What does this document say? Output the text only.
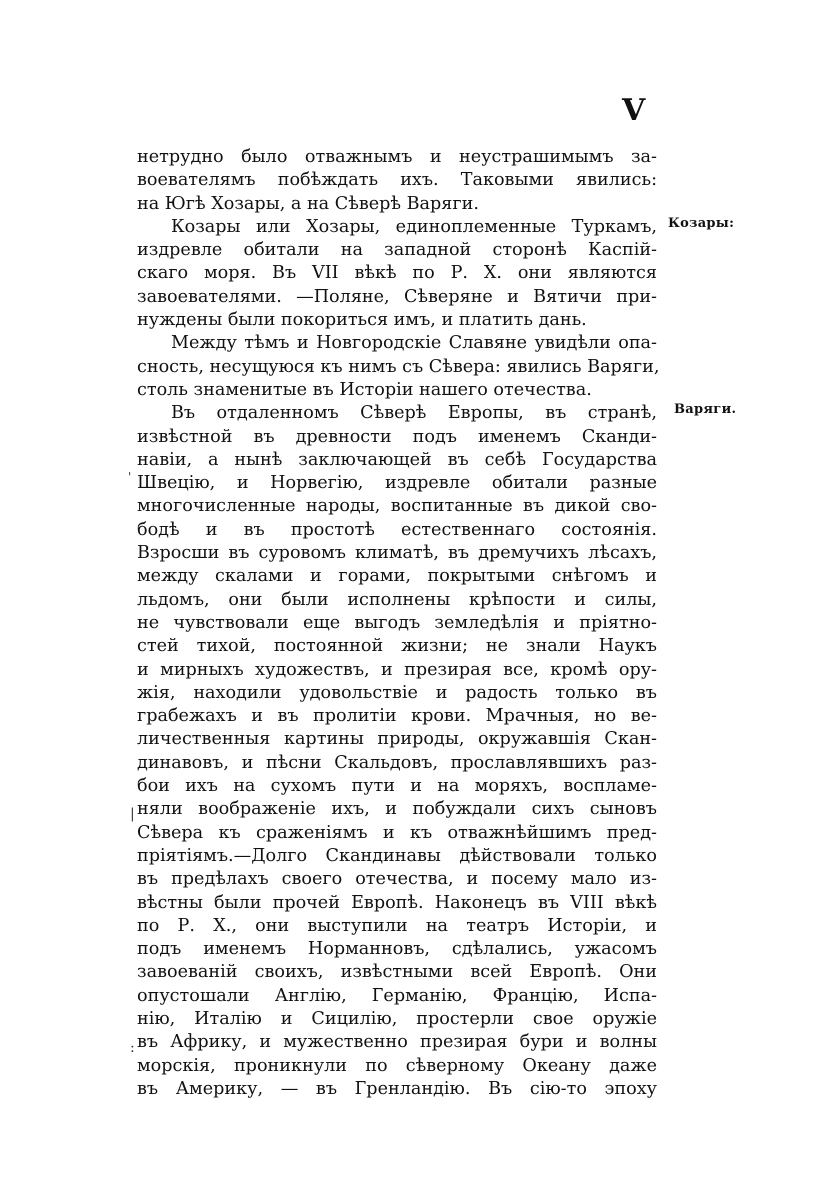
V
Козары:
Варяги.
'
|
:
нетрудно было отважнымъ и неустрашимымъ за-
воевателямъ побѣждать ихъ. Таковыми явились:
на Югѣ Хозары, а на Сѣверѣ Варяги.
Козары или Хозары, единоплеменные Туркамъ,
издревле обитали на западной сторонѣ Каспій-
скаго моря. Въ VII вѣкѣ по Р. Х. они являются
завоевателями. —Поляне, Сѣверяне и Вятичи при-
нуждены были покориться имъ, и платить дань.
Между тѣмъ и Новгородскіе Славяне увидѣли опа-
сность, несущуюся къ нимъ съ Сѣвера: явились Варяги,
столь знаменитые въ Исторіи нашего отечества.
Въ отдаленномъ Сѣверѣ Европы, въ странѣ,
извѣстной въ древности подъ именемъ Сканди-
навіи, а нынѣ заключающей въ себѣ Государства
Швецію, и Норвегію, издревле обитали разные
многочисленные народы, воспитанные въ дикой сво-
бодѣ и въ простотѣ естественнаго состоянія.
Взросши въ суровомъ климатѣ, въ дремучихъ лѣсахъ,
между скалами и горами, покрытыми снѣгомъ и
льдомъ, они были исполнены крѣпости и силы,
не чувствовали еще выгодъ земледѣлія и пріятно-
стей тихой, постоянной жизни; не знали Наукъ
и мирныхъ художествъ, и презирая все, кромѣ ору-
жія, находили удовольствіе и радость только въ
грабежахъ и въ пролитіи крови. Мрачныя, но ве-
личественныя картины природы, окружавшія Скан-
динавовъ, и пѣсни Скальдовъ, прославлявшихъ раз-
бои ихъ на сухомъ пути и на моряхъ, воспламе-
няли воображеніе ихъ, и побуждали сихъ сыновъ
Сѣвера къ сраженіямъ и къ отважнѣйшимъ пред-
пріятіямъ.—Долго Скандинавы дѣйствовали только
въ предѣлахъ своего отечества, и посему мало из-
вѣстны были прочей Европѣ. Наконецъ въ VIII вѣкѣ
по Р. Х., они выступили на театръ Исторіи, и
подъ именемъ Норманновъ, сдѣлались, ужасомъ
завоеваній своихъ, извѣстными всей Европѣ. Они
опустошали Англію, Германію, Францію, Испа-
нію, Италію и Сицилію, простерли свое оружіе
въ Африку, и мужественно презирая бури и волны
морскія, проникнули по сѣверному Океану даже
въ Америку, — въ Гренландію. Въ сію-то эпоху
